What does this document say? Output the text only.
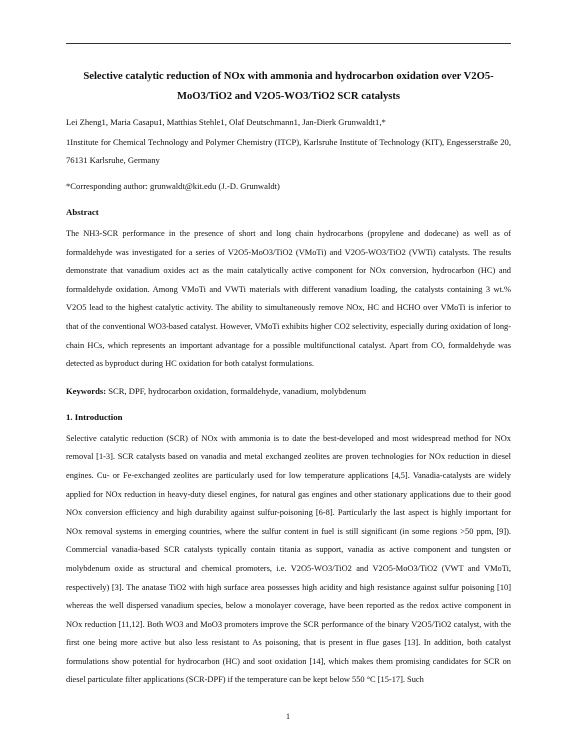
Selective catalytic reduction of NOx with ammonia and hydrocarbon oxidation over V2O5-MoO3/TiO2 and V2O5-WO3/TiO2 SCR catalysts

Lei Zheng1, Maria Casapu1, Matthias Stehle1, Olaf Deutschmann1, Jan-Dierk Grunwaldt1,*

1Institute for Chemical Technology and Polymer Chemistry (ITCP), Karlsruhe Institute of Technology (KIT), Engesserstraße 20, 76131 Karlsruhe, Germany

*Corresponding author: grunwaldt@kit.edu (J.-D. Grunwaldt)

Abstract

The NH3-SCR performance in the presence of short and long chain hydrocarbons (propylene and dodecane) as well as of formaldehyde was investigated for a series of V2O5-MoO3/TiO2 (VMoTi) and V2O5-WO3/TiO2 (VWTi) catalysts. The results demonstrate that vanadium oxides act as the main catalytically active component for NOx conversion, hydrocarbon (HC) and formaldehyde oxidation. Among VMoTi and VWTi materials with different vanadium loading, the catalysts containing 3 wt.% V2O5 lead to the highest catalytic activity. The ability to simultaneously remove NOx, HC and HCHO over VMoTi is inferior to that of the conventional WO3-based catalyst. However, VMoTi exhibits higher CO2 selectivity, especially during oxidation of long-chain HCs, which represents an important advantage for a possible multifunctional catalyst. Apart from CO, formaldehyde was detected as byproduct during HC oxidation for both catalyst formulations.

Keywords: SCR, DPF, hydrocarbon oxidation, formaldehyde, vanadium, molybdenum

1. Introduction

Selective catalytic reduction (SCR) of NOx with ammonia is to date the best-developed and most widespread method for NOx removal [1-3]. SCR catalysts based on vanadia and metal exchanged zeolites are proven technologies for NOx reduction in diesel engines. Cu- or Fe-exchanged zeolites are particularly used for low temperature applications [4,5]. Vanadia-catalysts are widely applied for NOx reduction in heavy-duty diesel engines, for natural gas engines and other stationary applications due to their good NOx conversion efficiency and high durability against sulfur-poisoning [6-8]. Particularly the last aspect is highly important for NOx removal systems in emerging countries, where the sulfur content in fuel is still significant (in some regions >50 ppm, [9]). Commercial vanadia-based SCR catalysts typically contain titania as support, vanadia as active component and tungsten or molybdenum oxide as structural and chemical promoters, i.e. V2O5-WO3/TiO2 and V2O5-MoO3/TiO2 (VWT and VMoTi, respectively) [3]. The anatase TiO2 with high surface area possesses high acidity and high resistance against sulfur poisoning [10] whereas the well dispersed vanadium species, below a monolayer coverage, have been reported as the redox active component in NOx reduction [11,12]. Both WO3 and MoO3 promoters improve the SCR performance of the binary V2O5/TiO2 catalyst, with the first one being more active but also less resistant to As poisoning, that is present in flue gases [13]. In addition, both catalyst formulations show potential for hydrocarbon (HC) and soot oxidation [14], which makes them promising candidates for SCR on diesel particulate filter applications (SCR-DPF) if the temperature can be kept below 550 °C [15-17]. Such

1
